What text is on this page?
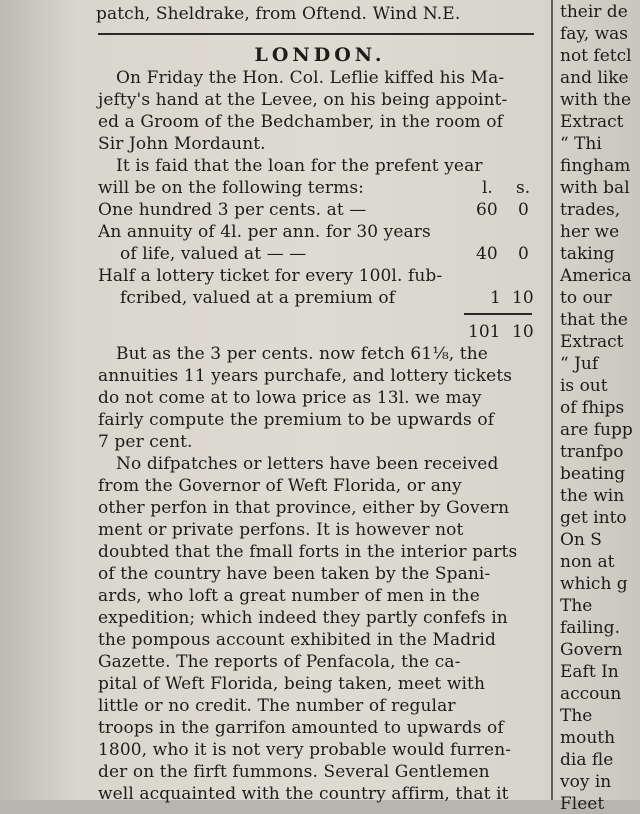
patch, Sheldrake, from Oftend. Wind N.E.
LONDON.
On Friday the Hon. Col. Leflie kiffed his Ma-
jefty's hand at the Levee, on his being appoint-
ed a Groom of the Bedchamber, in the room of
Sir John Mordaunt.
It is faid that the loan for the prefent year
will be on the following terms:	l. s.
One hundred 3 per cents. at —	60 0
An annuity of 4l. per ann. for 30 years
of life, valued at — —	40 0
Half a lottery ticket for every 100l. fub-
fcribed, valued at a premium of	1 10
101 10
But as the 3 per cents. now fetch 61⅛, the
annuities 11 years purchafe, and lottery tickets
do not come at to lowa price as 13l. we may
fairly compute the premium to be upwards of
7 per cent.
No difpatches or letters have been received
from the Governor of Weft Florida, or any
other perfon in that province, either by Govern
ment or private perfons. It is however not
doubted that the fmall forts in the interior parts
of the country have been taken by the Spani-
ards, who loft a great number of men in the
expedition; which indeed they partly confefs in
the pompous account exhibited in the Madrid
Gazette. The reports of Penfacola, the ca-
pital of Weft Florida, being taken, meet with
little or no credit. The number of regular
troops in the garrifon amounted to upwards of
1800, who it is not very probable would furren-
der on the firft fummons. Several Gentlemen
well acquainted with the country affirm, that it
their de
fay, was
not fetcl
and like
with the
Extract
“ Thi
fingham
with bal
trades,
her we
taking
America
to our
that the
Extract
“ Juf
is out
of fhips
are fupp
tranfpo
beating
the win
get into
On S
non at
which g
The
failing.
Govern
Eaft In
accoun
The
mouth
dia fle
voy in
Fleet
